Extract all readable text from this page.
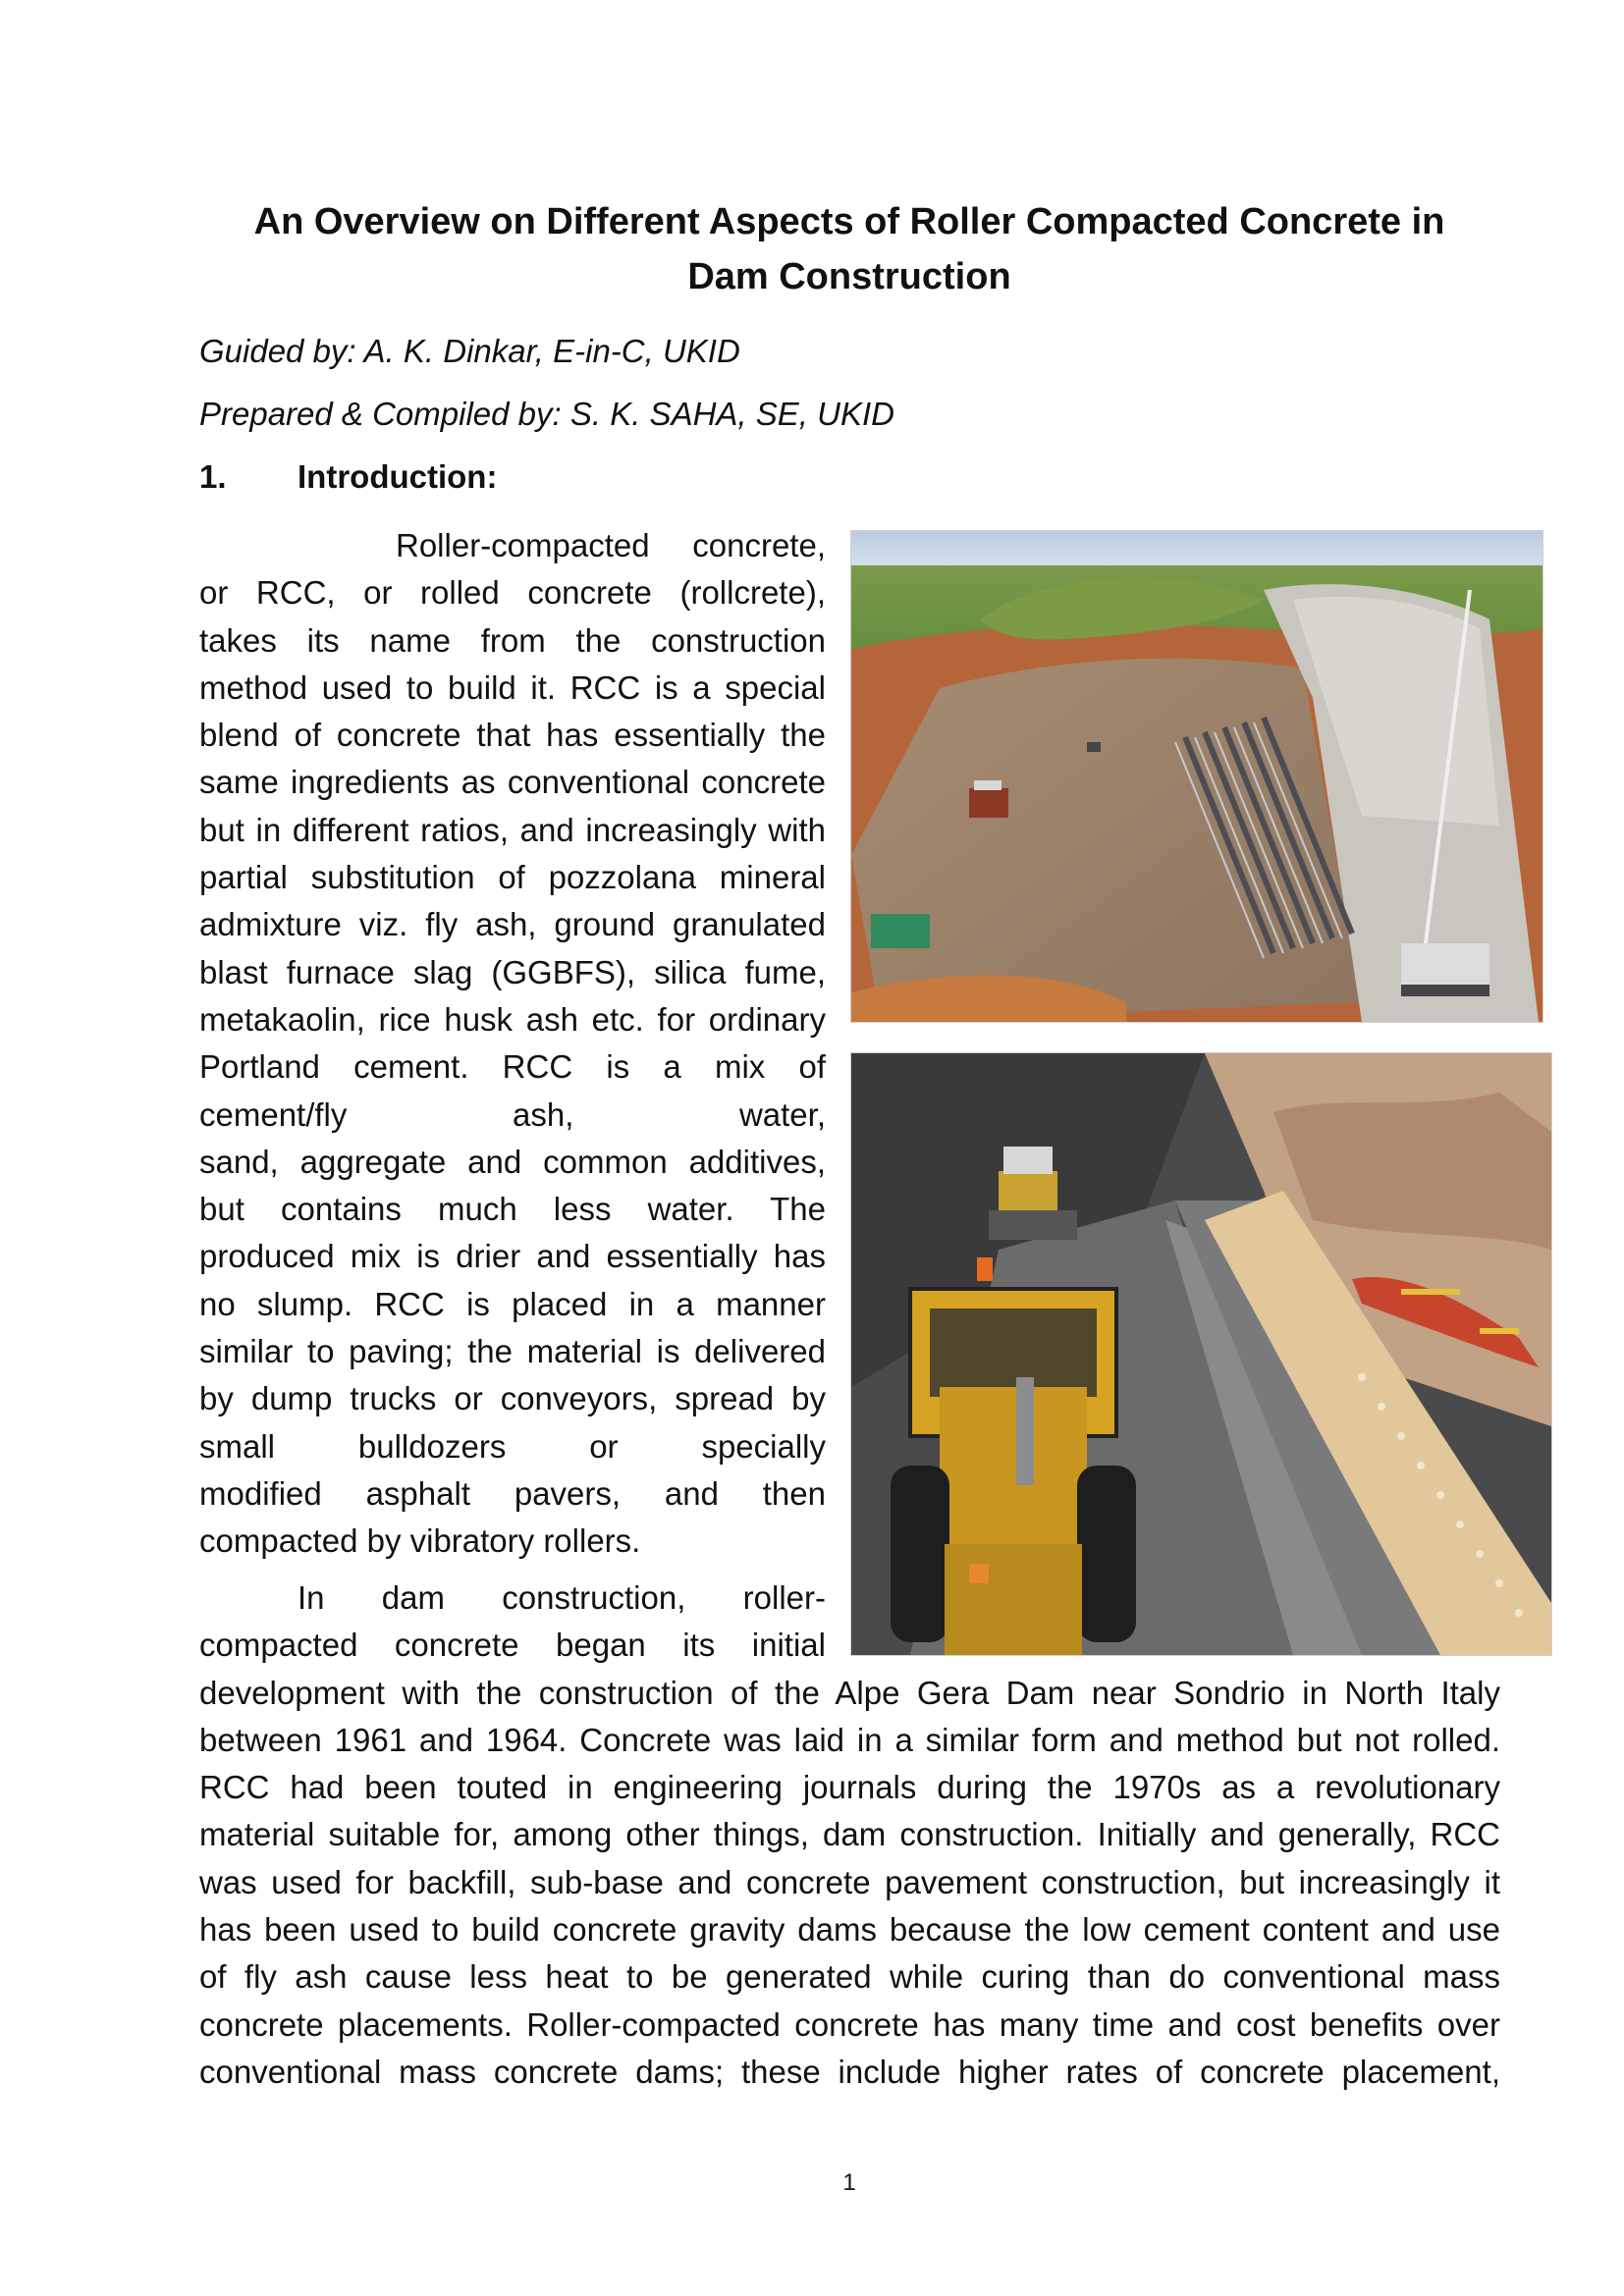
An Overview on Different Aspects of Roller Compacted Concrete in
Dam Construction
Guided by: A. K. Dinkar, E-in-C, UKID
Prepared & Compiled by: S. K. SAHA, SE, UKID
1. Introduction:
Roller-compacted concrete,
or RCC, or rolled concrete (rollcrete),
takes its name from the construction
method used to build it. RCC is a special
blend of concrete that has essentially the
same ingredients as conventional concrete
but in different ratios, and increasingly with
partial substitution of pozzolana mineral
admixture viz. fly ash, ground granulated
blast furnace slag (GGBFS), silica fume,
metakaolin, rice husk ash etc. for ordinary
Portland cement. RCC is a mix of
cement/fly ash, water,
sand, aggregate and common additives,
but contains much less water. The
produced mix is drier and essentially has
no slump. RCC is placed in a manner
similar to paving; the material is delivered
by dump trucks or conveyors, spread by
small bulldozers or specially
modified asphalt pavers, and then
compacted by vibratory rollers.
In dam construction, roller-
compacted concrete began its initial
development with the construction of the Alpe Gera Dam near Sondrio in North Italy
between 1961 and 1964. Concrete was laid in a similar form and method but not rolled.
RCC had been touted in engineering journals during the 1970s as a revolutionary
material suitable for, among other things, dam construction. Initially and generally, RCC
was used for backfill, sub-base and concrete pavement construction, but increasingly it
has been used to build concrete gravity dams because the low cement content and use
of fly ash cause less heat to be generated while curing than do conventional mass
concrete placements. Roller-compacted concrete has many time and cost benefits over
conventional mass concrete dams; these include higher rates of concrete placement,
1
